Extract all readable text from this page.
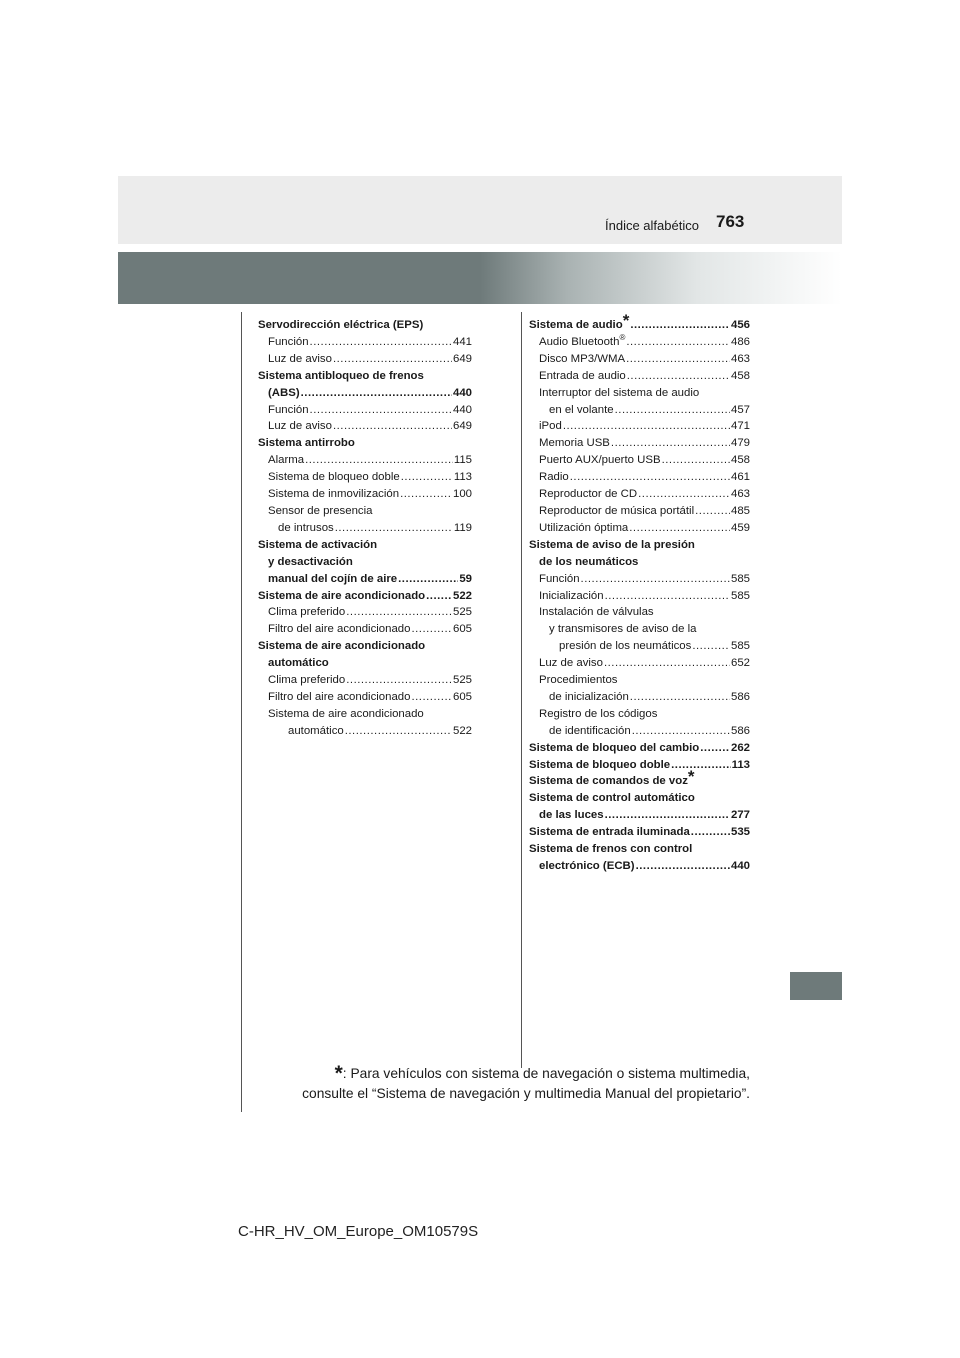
763
Índice alfabético
Servodirección eléctrica (EPS)
Función .....	441
Luz de aviso .....	649
Sistema antibloqueo de frenos
(ABS) .....	440
Función .....	440
Luz de aviso .....	649
Sistema antirrobo
Alarma .....	115
Sistema de bloqueo doble .....	113
Sistema de inmovilización .....	100
Sensor de presencia
de intrusos .....	119
Sistema de activación
y desactivación
manual del cojín de aire .....	59
Sistema de aire acondicionado ..... 522
Clima preferido .....	525
Filtro del aire acondicionado .....	605
Sistema de aire acondicionado
automático
Clima preferido .....	525
Filtro del aire acondicionado .....	605
Sistema de aire acondicionado
automático .....	522
Sistema de audio* .....	456
Audio Bluetooth® .....	486
Disco MP3/WMA .....	463
Entrada de audio .....	458
Interruptor del sistema de audio
en el volante .....	457
iPod .....	471
Memoria USB .....	479
Puerto AUX/puerto USB .....	458
Radio .....	461
Reproductor de CD .....	463
Reproductor de música portátil .....	485
Utilización óptima .....	459
Sistema de aviso de la presión
de los neumáticos
Función .....	585
Inicialización .....	585
Instalación de válvulas
y transmisores de aviso de la
presión de los neumáticos .....	585
Luz de aviso .....	652
Procedimientos
de inicialización .....	586
Registro de los códigos
de identificación .....	586
Sistema de bloqueo del cambio .....	262
Sistema de bloqueo doble .....	113
Sistema de comandos de voz*
Sistema de control automático
de las luces .....	277
Sistema de entrada iluminada .....	535
Sistema de frenos con control
electrónico (ECB) .....	440
*: Para vehículos con sistema de navegación o sistema multimedia,
consulte el “Sistema de navegación y multimedia Manual del propietario”.
C-HR_HV_OM_Europe_OM10579S
